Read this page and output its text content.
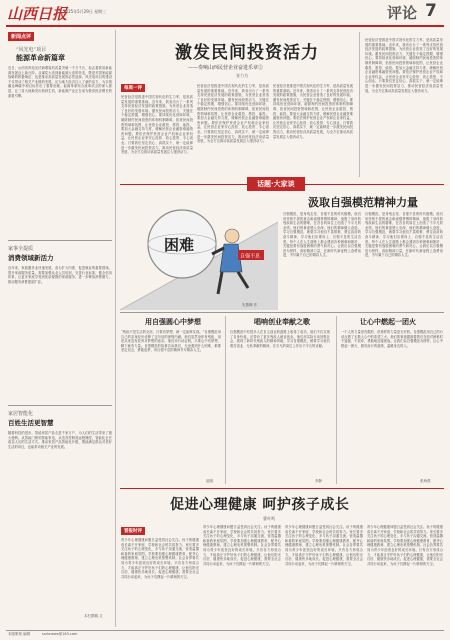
山西日报
2025年5月29日 星期三	评论 7
新闻点评
“风光电”项目
能源革命新篇章
近日，山西省风电光伏新增装机容量突破一千万千瓦，标志着我省新能源发展迈上新台阶。从煤炭大省到新能源大省的转变，既是对国家能源战略的积极响应，也是推动高质量发展的必然选择。风光电项目的建设不仅带动了相关产业链的发展，还为地方经济注入了新的活力，为实现碳达峰碳中和目标作出了重要贡献。能源革命综合改革试点的深入推进，让三晋大地焕发出勃勃生机，新能源产业正在成为我省经济增长的重要引擎。
家事全提质
消费领域新活力
近年来，家政服务业快速发展，成为扩大内需、促进就业的重要领域。提升家政服务质量，需要加强从业人员培训，完善行业标准，健全信用体系，让更多家庭享受到优质便捷的家政服务，进一步释放消费潜力，推动服务消费提质扩容。
家居智能化
百姓生活更智慧
随着科技的进步，智能家居产品走进千家万户，为人们的生活带来了极大便利。从智能门锁到智能家电，从语音控制到远程操控，智能化正在改变人们的生活方式。推动家居产品智能化升级，既能满足群众对美好生活的向往，也能带动相关产业的发展。
本栏撰稿 文
激发民间投资活力
——奏响山西民营企业奋进乐章②
张力为
每周一评
民营经济是推进中国式现代化的生力军，是高质量发展的重要基础。近年来，我省出台了一系列支持民营经济发展的政策措施，为民营企业营造了良好的发展环境。激发民间投资活力，关键在于稳定预期、增强信心。要持续优化营商环境，破除制约民间投资的体制机制障碍，拓宽民间投资领域和范围，让民营企业敢投、愿投、能投。要加大金融支持力度，缓解民营企业融资难融资贵问题。要依法保护民营企业产权和企业家权益，让民营企业家安心经营、放心投资、专心创业。只要我们坚定信心、真抓实干，就一定能够进一步激发民间投资活力，推动民营经济高质量发展，为全方位推动高质量发展注入强劲动力。
民营经济是推进中国式现代化的生力军，是高质量发展的重要基础。近年来，我省出台了一系列支持民营经济发展的政策措施，为民营企业营造了良好的发展环境。激发民间投资活力，关键在于稳定预期、增强信心。要持续优化营商环境，破除制约民间投资的体制机制障碍，拓宽民间投资领域和范围，让民营企业敢投、愿投、能投。要加大金融支持力度，缓解民营企业融资难融资贵问题。要依法保护民营企业产权和企业家权益，让民营企业家安心经营、放心投资、专心创业。只要我们坚定信心、真抓实干，就一定能够进一步激发民间投资活力，推动民营经济高质量发展，为全方位推动高质量发展注入强劲动力。
民营经济是推进中国式现代化的生力军，是高质量发展的重要基础。近年来，我省出台了一系列支持民营经济发展的政策措施，为民营企业营造了良好的发展环境。激发民间投资活力，关键在于稳定预期、增强信心。要持续优化营商环境，破除制约民间投资的体制机制障碍，拓宽民间投资领域和范围，让民营企业敢投、愿投、能投。要加大金融支持力度，缓解民营企业融资难融资贵问题。要依法保护民营企业产权和企业家权益，让民营企业家安心经营、放心投资、专心创业。只要我们坚定信心、真抓实干，就一定能够进一步激发民间投资活力，推动民营经济高质量发展，为全方位推动高质量发展注入强劲动力。
民营经济是推进中国式现代化的生力军，是高质量发展的重要基础。近年来，我省出台了一系列支持民营经济发展的政策措施，为民营企业营造了良好的发展环境。激发民间投资活力，关键在于稳定预期、增强信心。要持续优化营商环境，破除制约民间投资的体制机制障碍，拓宽民间投资领域和范围，让民营企业敢投、愿投、能投。要加大金融支持力度，缓解民营企业融资难融资贵问题。要依法保护民营企业产权和企业家权益，让民营企业家安心经营、放心投资、专心创业。只要我们坚定信心、真抓实干，就一定能够进一步激发民间投资活力，推动民营经济高质量发展，为全方位推动高质量发展注入强劲动力。
话题·大家谈
困难
自强不息
朱慧卿 作
汲取自强模范精神力量
自强模范，是身残志坚、自强不息的时代楷模。他们用坚韧不拔的意志和顽强拼搏的精神，战胜了身体的残疾和生活的磨难，在各自的岗位上创造了不平凡的业绩。他们的事迹感人至深，他们的精神催人奋进。学习自强模范，就要学习他们不畏艰难、勇往直前的奋斗精神，学习他们乐观向上、自强不息的生活态度。每个人在人生道路上都会遇到各种困难和挫折，关键是要有战胜困难的勇气和决心。让我们以自强模范为榜样，汲取精神力量，在新时代新征程上奋勇前进，书写属于自己的精彩人生。
自强模范，是身残志坚、自强不息的时代楷模。他们用坚韧不拔的意志和顽强拼搏的精神，战胜了身体的残疾和生活的磨难，在各自的岗位上创造了不平凡的业绩。他们的事迹感人至深，他们的精神催人奋进。学习自强模范，就要学习他们不畏艰难、勇往直前的奋斗精神，学习他们乐观向上、自强不息的生活态度。每个人在人生道路上都会遇到各种困难和挫折，关键是要有战胜困难的勇气和决心。让我们以自强模范为榜样，汲取精神力量，在新时代新征程上奋勇前进，书写属于自己的精彩人生。
用自强圆心中梦想
“残疾不是生活的全部，只要有梦想，就一定能够实现。”自强模范用自己的亲身经历诠释了这句话的深刻内涵。他们虽然身体有残疾，但是从来没有放弃对梦想的追求。他们用行动证明，只要心中有梦想，脚下就有力量。自强模范的故事告诉我们，无论遇到什么困难，都要坚定信念，勇敢追梦，用自强不息的精神书写精彩人生。
赵刚
唱响创业奉献之歌
自强模范中有很多人在自主创业的道路上取得了成功，他们不仅实现了自身价值，还带动了更多残疾人就业创业。他们用实际行动回报社会，展现了新时代残疾人的精神风貌。学习自强模范，就要学习他们艰苦创业、无私奉献的精神，在平凡的岗位上作出不平凡的贡献。
李静
让心中燃起一团火
一个人的力量是有限的，但榜样的力量是无穷的。自强模范用自己的行动点燃了无数人心中的希望之火。他们的事迹激励着我们在面对困难时不退缩、不放弃，勇敢地迎接挑战。让我们以自强模范为榜样，让心中燃起一团火，照亮前行的道路，温暖身边的人。
张海燕
促进心理健康 呵护孩子成长
曹叶鸣
晋报时评
青少年心理健康问题日益受到社会关注。孩子的健康成长离不开家庭、学校和社会的共同努力。家长要多关注孩子的心理变化，多与孩子沟通交流，营造温馨和谐的家庭氛围。学校要加强心理健康教育，配齐心理健康教师，建立心理危机预警机制。社会各界要共同为青少年创造良好的成长环境。只有各方形成合力，才能真正守护好孩子们的心理健康，让他们阳光自信、健康快乐地成长。促进心理健康，需要全社会共同行动起来，为孩子们撑起一片晴朗的天空。
青少年心理健康问题日益受到社会关注。孩子的健康成长离不开家庭、学校和社会的共同努力。家长要多关注孩子的心理变化，多与孩子沟通交流，营造温馨和谐的家庭氛围。学校要加强心理健康教育，配齐心理健康教师，建立心理危机预警机制。社会各界要共同为青少年创造良好的成长环境。只有各方形成合力，才能真正守护好孩子们的心理健康，让他们阳光自信、健康快乐地成长。促进心理健康，需要全社会共同行动起来，为孩子们撑起一片晴朗的天空。
青少年心理健康问题日益受到社会关注。孩子的健康成长离不开家庭、学校和社会的共同努力。家长要多关注孩子的心理变化，多与孩子沟通交流，营造温馨和谐的家庭氛围。学校要加强心理健康教育，配齐心理健康教师，建立心理危机预警机制。社会各界要共同为青少年创造良好的成长环境。只有各方形成合力，才能真正守护好孩子们的心理健康，让他们阳光自信、健康快乐地成长。促进心理健康，需要全社会共同行动起来，为孩子们撑起一片晴朗的天空。
青少年心理健康问题日益受到社会关注。孩子的健康成长离不开家庭、学校和社会的共同努力。家长要多关注孩子的心理变化，多与孩子沟通交流，营造温馨和谐的家庭氛围。学校要加强心理健康教育，配齐心理健康教师，建立心理危机预警机制。社会各界要共同为青少年创造良好的成长环境。只有各方形成合力，才能真正守护好孩子们的心理健康，让他们阳光自信、健康快乐地成长。促进心理健康，需要全社会共同行动起来，为孩子们撑起一片晴朗的天空。
本版策划 编辑	sxrbnews@163.com
